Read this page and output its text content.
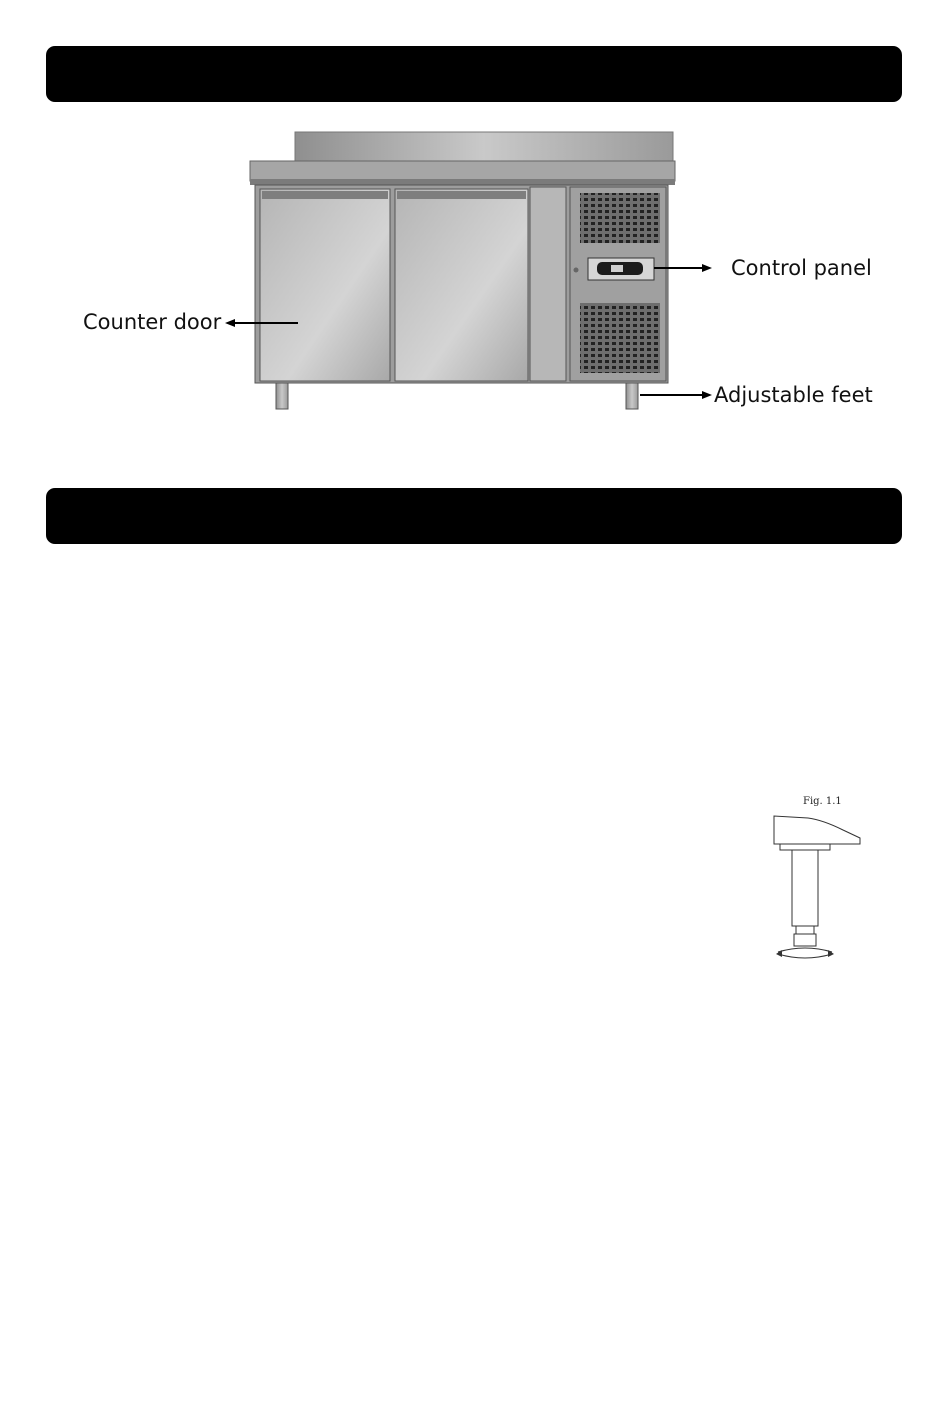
Counter door
Control panel
Adjustable feet
Fig. 1.1
